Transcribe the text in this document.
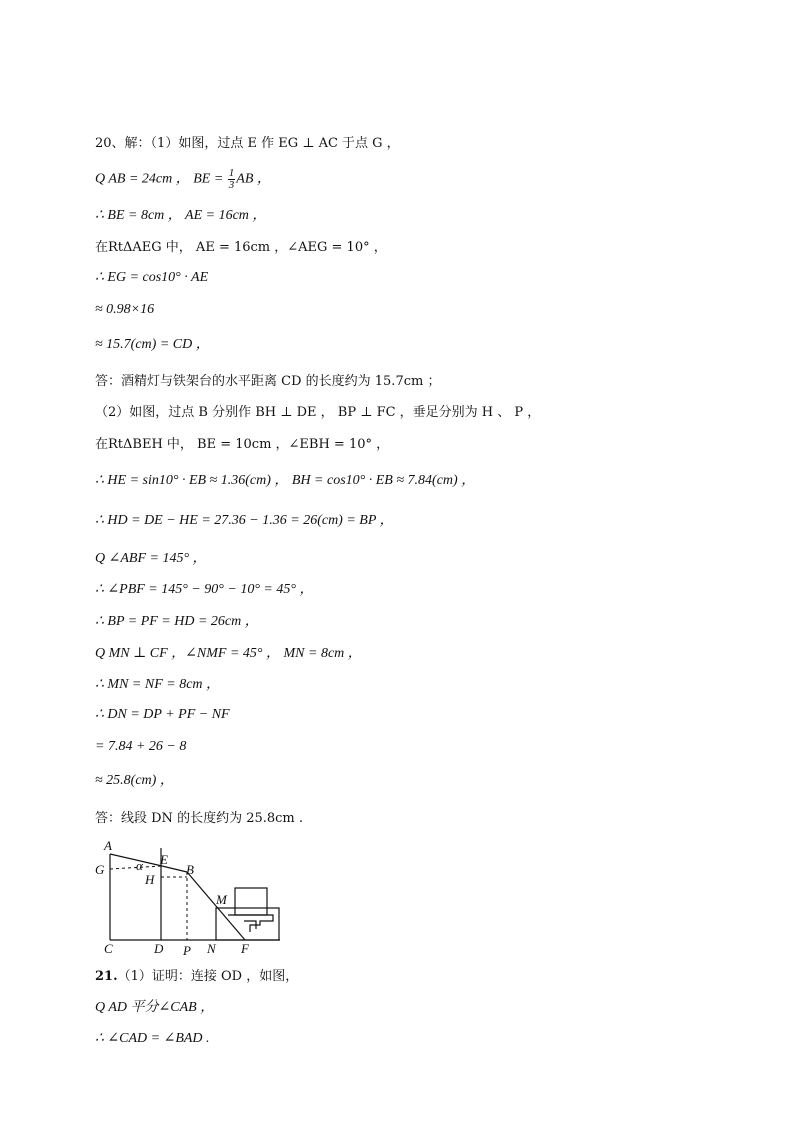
20、解：（1）如图，过点 E 作 EG ⊥ AC 于点 G ，
Q AB = 24cm ， BE = $\frac{1}{3}$ AB ，
∴ BE = 8cm ， AE = 16cm ，
在RtΔAEG 中， AE = 16cm ，∠AEG = 10° ，
∴ EG = cos10° · AE
≈ 0.98×16
≈ 15.7(cm) = CD ，
答：酒精灯与铁架台的水平距离 CD 的长度约为 15.7cm ；
（2）如图，过点 B 分别作 BH ⊥ DE ， BP ⊥ FC ，垂足分别为 H 、 P ，
在RtΔBEH 中， BE = 10cm ，∠EBH = 10° ，
∴ HE = sin10° · EB ≈ 1.36(cm) ， BH = cos10° · EB ≈ 7.84(cm) ，
∴ HD = DE − HE = 27.36 − 1.36 = 26(cm) = BP ，
Q ∠ABF = 145° ，
∴ ∠PBF = 145° − 90° − 10° = 45° ，
∴ BP = PF = HD = 26cm ，
Q MN ⊥ CF ，∠NMF = 45° ， MN = 8cm ，
∴ MN = NF = 8cm ，
∴ DN = DP + PF − NF
= 7.84 + 26 − 8
≈ 25.8(cm) ，
答：线段 DN 的长度约为 25.8cm .
A
G
E
H
B
α
M
C	D P N F
21.（1）证明：连接 OD ，如图，
Q AD 平分∠CAB ，
∴ ∠CAD = ∠BAD .
